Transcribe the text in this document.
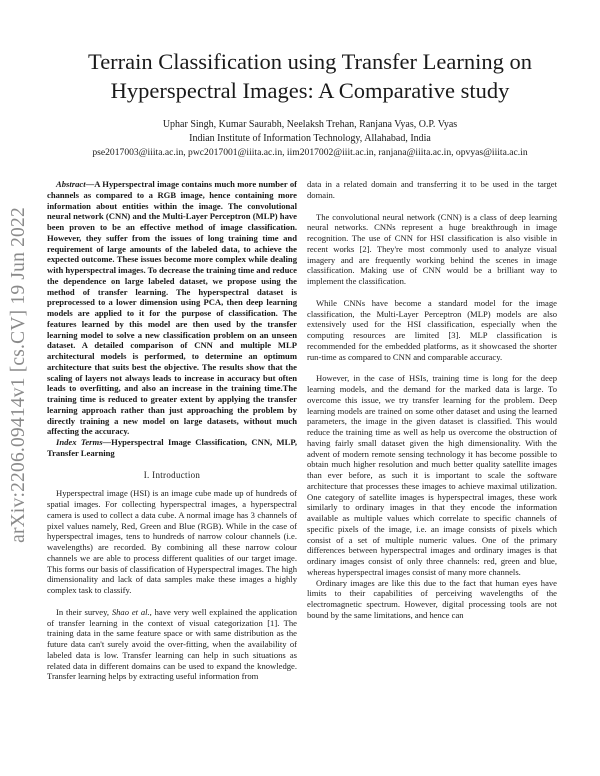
arXiv:2206.09414v1 [cs.CV] 19 Jun 2022
Terrain Classification using Transfer Learning on Hyperspectral Images: A Comparative study
Uphar Singh, Kumar Saurabh, Neelaksh Trehan, Ranjana Vyas, O.P. Vyas
Indian Institute of Information Technology, Allahabad, India
pse2017003@iiita.ac.in, pwc2017001@iiita.ac.in, iim2017002@iiit.ac.in, ranjana@iiita.ac.in, opvyas@iiita.ac.in

Abstract—A Hyperspectral image contains much more number of channels as compared to a RGB image, hence containing more information about entities within the image. The convolutional neural network (CNN) and the Multi-Layer Perceptron (MLP) have been proven to be an effective method of image classification. However, they suffer from the issues of long training time and requirement of large amounts of the labeled data, to achieve the expected outcome. These issues become more complex while dealing with hyperspectral images. To decrease the training time and reduce the dependence on large labeled dataset, we propose using the method of transfer learning. The hyperspectral dataset is preprocessed to a lower dimension using PCA, then deep learning models are applied to it for the purpose of classification. The features learned by this model are then used by the transfer learning model to solve a new classification problem on an unseen dataset. A detailed comparison of CNN and multiple MLP architectural models is performed, to determine an optimum architecture that suits best the objective. The results show that the scaling of layers not always leads to increase in accuracy but often leads to overfitting, and also an increase in the training time.The training time is reduced to greater extent by applying the transfer learning approach rather than just approaching the problem by directly training a new model on large datasets, without much affecting the accuracy.

Index Terms—Hyperspectral Image Classification, CNN, MLP, Transfer Learning

I. Introduction

Hyperspectral image (HSI) is an image cube made up of hundreds of spatial images. For collecting hyperspectral images, a hyperspectral camera is used to collect a data cube. A normal image has 3 channels of pixel values namely, Red, Green and Blue (RGB). While in the case of hyperspectral images, tens to hundreds of narrow colour channels (i.e. wavelengths) are recorded. By combining all these narrow colour channels we are able to process different qualities of our target image. This forms our basis of classification of Hyperspectral images. The high dimensionality and lack of data samples make these images a highly complex task to classify.

In their survey, Shao et al., have very well explained the application of transfer learning in the context of visual categorization [1]. The training data in the same feature space or with same distribution as the future data can't surely avoid the over-fitting, when the availability of labeled data is low. Transfer learning can help in such situations as related data in different domains can be used to expand the knowledge. Transfer learning helps by extracting useful information from

data in a related domain and transferring it to be used in the target domain.

The convolutional neural network (CNN) is a class of deep learning neural networks. CNNs represent a huge breakthrough in image recognition. The use of CNN for HSI classification is also visible in recent works [2]. They're most commonly used to analyze visual imagery and are frequently working behind the scenes in image classification. Making use of CNN would be a brilliant way to implement the classification.

While CNNs have become a standard model for the image classification, the Multi-Layer Perceptron (MLP) models are also extensively used for the HSI classification, especially when the computing resources are limited [3]. MLP classification is recommended for the embedded platforms, as it showcased the shorter run-time as compared to CNN and comparable accuracy.

However, in the case of HSIs, training time is long for the deep learning models, and the demand for the marked data is large. To overcome this issue, we try transfer learning for the problem. Deep learning models are trained on some other dataset and using the learned parameters, the image in the given dataset is classified. This would reduce the training time as well as help us overcome the obstruction of having fairly small dataset given the high dimensionality. With the advent of modern remote sensing technology it has become possible to obtain much higher resolution and much better quality satellite images than ever before, as such it is important to scale the software architecture that processes these images to achieve maximal utilization. One category of satellite images is hyperspectral images, these work similarly to ordinary images in that they encode the information available as multiple values which correlate to specific channels of specific pixels of the image, i.e. an image consists of pixels which consist of a set of multiple numeric values. One of the primary differences between hyperspectral images and ordinary images is that ordinary images consist of only three channels: red, green and blue, whereas hyperspectral images consist of many more channels.

Ordinary images are like this due to the fact that human eyes have limits to their capabilities of perceiving wavelengths of the electromagnetic spectrum. However, digital processing tools are not bound by the same limitations, and hence can
